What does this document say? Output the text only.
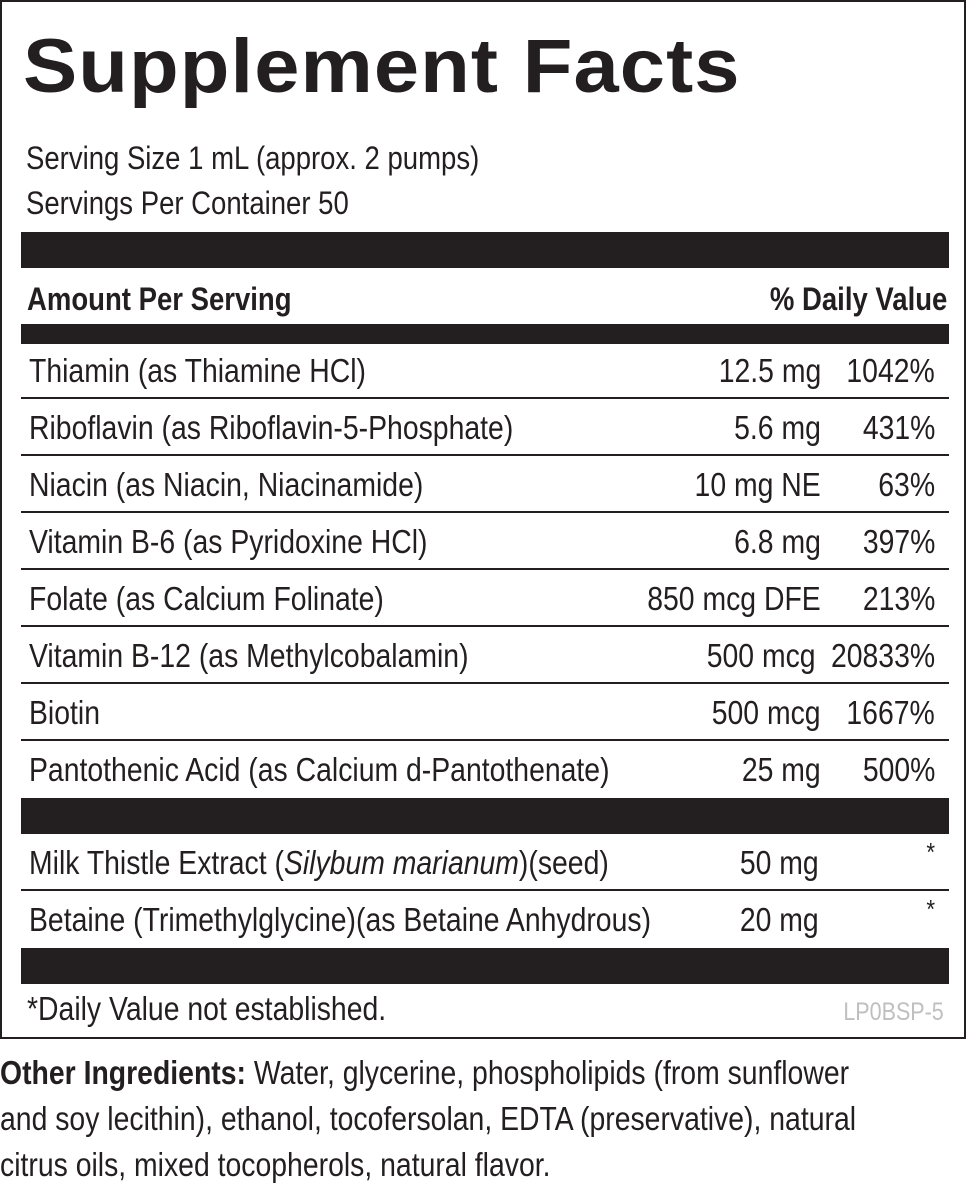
Supplement Facts
Serving Size 1 mL (approx. 2 pumps)
Servings Per Container 50
Amount Per Serving	% Daily Value
Thiamin (as Thiamine HCl)	12.5 mg 1042%
Riboflavin (as Riboflavin-5-Phosphate)	5.6 mg 431%
Niacin (as Niacin, Niacinamide)	10 mg NE 63%
Vitamin B-6 (as Pyridoxine HCl)	6.8 mg 397%
Folate (as Calcium Folinate)	850 mcg DFE 213%
Vitamin B-12 (as Methylcobalamin)	500 mcg 20833%
Biotin	500 mcg 1667%
Pantothenic Acid (as Calcium d-Pantothenate)	25 mg 500%
Milk Thistle Extract (Silybum marianum)(seed)	50 mg	*
Betaine (Trimethylglycine)(as Betaine Anhydrous)	20 mg	*
*Daily Value not established.	LP0BSP-5

Other Ingredients: Water, glycerine, phospholipids (from sunflower

and soy lecithin), ethanol, tocofersolan, EDTA (preservative), natural

citrus oils, mixed tocopherols, natural flavor.
